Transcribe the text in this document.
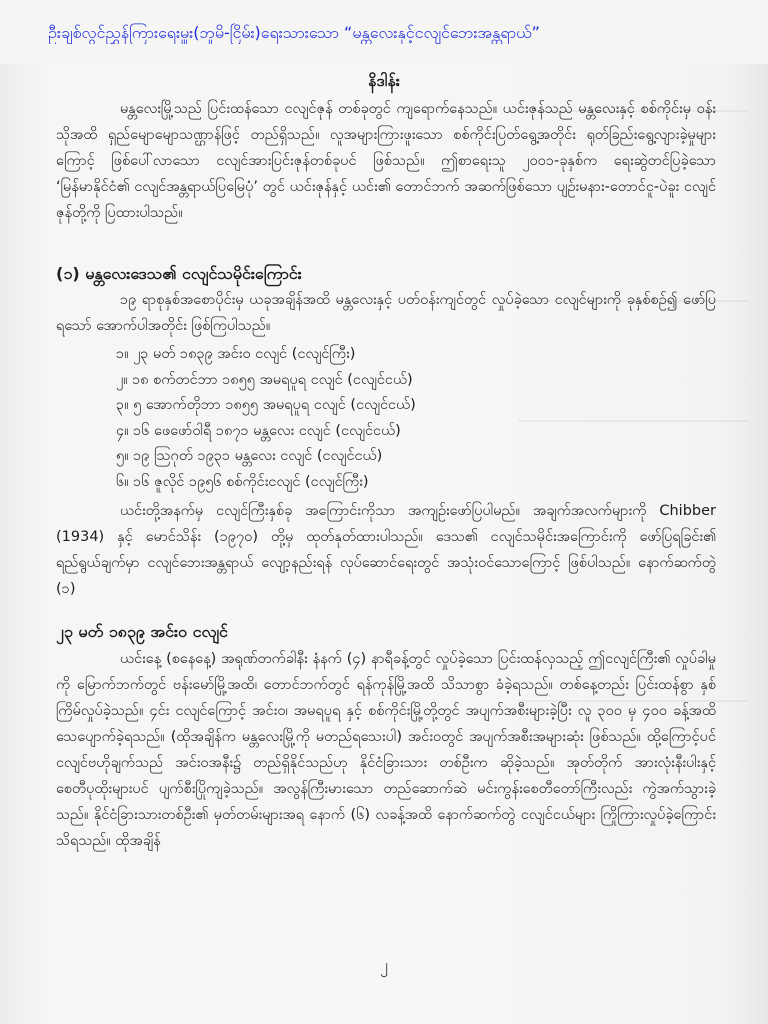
ဦးချစ်လွင်ညွှန်ကြားရေးမှူး(ဘူမိ-ငြိမ်း)ရေးသားသော “မန္တလေးနှင့်ငလျင်ဘေးအန္တရာယ်”
နိဒါန်း

မန္တလေးမြို့သည် ပြင်းထန်သော ငလျင်ဇုန် တစ်ခုတွင် ကျရောက်နေသည်။ ယင်းဇုန်သည် မန္တလေးနှင့် စစ်ကိုင်းမှ ဝန်းသိုအထိ ရှည်မျောမျောသဏ္ဌာန်ဖြင့် တည်ရှိသည်။ လူအများကြားဖူးသော စစ်ကိုင်းပြတ်ရွေ့အတိုင်း ရုတ်ခြည်းရွေ့လျားခဲ့မှုများကြောင့် ဖြစ်ပေါ်လာသော ငလျင်အားပြင်းဇုန်တစ်ခုပင် ဖြစ်သည်။ ဤစာရေးသူ ၂၀၀၁-ခုနှစ်က ရေးဆွဲတင်ပြခဲ့သော ‘မြန်မာနိုင်ငံ၏ ငလျင်အန္တရာယ်ပြမြေပုံ’ တွင် ယင်းဇုန်နှင့် ယင်း၏ တောင်ဘက် အဆက်ဖြစ်သော ပျဉ်းမနား-တောင်ငူ-ပဲခူး ငလျင်ဇုန်တို့ကို ပြထားပါသည်။

(၁) မန္တလေးဒေသ၏ ငလျင်သမိုင်းကြောင်း

၁၉ ရာစုနှစ်အစောပိုင်းမှ ယခုအချိန်အထိ မန္တလေးနှင့် ပတ်ဝန်းကျင်တွင် လှုပ်ခဲ့သော ငလျင်များကို ခုနှစ်စဉ်၍ ဖော်ပြရသော် အောက်ပါအတိုင်း ဖြစ်ကြပါသည်။

၁။ ၂၃ မတ် ၁၈၃၉ အင်းဝ ငလျင် (ငလျင်ကြီး)
၂။ ၁၈ စက်တင်ဘာ ၁၈၅၅ အမရပူရ ငလျင် (ငလျင်ငယ်)
၃။ ၅ အောက်တိုဘာ ၁၈၅၅ အမရပူရ ငလျင် (ငလျင်ငယ်)
၄။ ၁၆ ဖေဖော်ဝါရီ ၁၈၇၁ မန္တလေး ငလျင် (ငလျင်ငယ်)
၅။ ၁၉ ဩဂုတ် ၁၉၃၁ မန္တလေး ငလျင် (ငလျင်ငယ်)
၆။ ၁၆ ဇူလိုင် ၁၉၅၆ စစ်ကိုင်းငလျင် (ငလျင်ကြီး)

ယင်းတို့အနက်မှ ငလျင်ကြီးနှစ်ခု အကြောင်းကိုသာ အကျဉ်းဖော်ပြပါမည်။ အချက်အလက်များကို Chibber (1934) နှင့် မောင်သိန်း (၁၉၇၀) တို့မှ ထုတ်နုတ်ထားပါသည်။ ဒေသ၏ ငလျင်သမိုင်းအကြောင်းကို ဖော်ပြရခြင်း၏ ရည်ရွယ်ချက်မှာ ငလျင်ဘေးအန္တရာယ် လျော့နည်းရန် လုပ်ဆောင်ရေးတွင် အသုံးဝင်သောကြောင့် ဖြစ်ပါသည်။ နောက်ဆက်တွဲ (၁)

၂၃ မတ် ၁၈၃၉ အင်းဝ ငလျင်

ယင်းနေ့ (စနေနေ့) အရုဏ်တက်ခါနီး နံနက် (၄) နာရီခန့်တွင် လှုပ်ခဲ့သော ပြင်းထန်လှသည့် ဤငလျင်ကြီး၏ လှုပ်ခါမှုကို မြောက်ဘက်တွင် ဗန်းမော်မြို့အထိ၊ တောင်ဘက်တွင် ရန်ကုန်မြို့အထိ သိသာစွာ ခံခဲ့ရသည်။ တစ်နေ့တည်း ပြင်းထန်စွာ နှစ်ကြိမ်လှုပ်ခဲ့သည်။ ၄င်း ငလျင်ကြောင့် အင်းဝ၊ အမရပူရ နှင့် စစ်ကိုင်းမြို့တို့တွင် အပျက်အစီးများခဲ့ပြီး လူ ၃၀၀ မှ ၄၀၀ ခန့်အထိ သေပျောက်ခဲ့ရသည်။ (ထိုအချိန်က မန္တလေးမြို့ကို မတည်ရသေးပါ) အင်းဝတွင် အပျက်အစီးအများဆုံး ဖြစ်သည်။ ထို့ကြောင့်ပင် ငလျင်ဗဟိုချက်သည် အင်းဝအနီး၌ တည်ရှိနိုင်သည်ဟု နိုင်ငံခြားသား တစ်ဦးက ဆိုခဲ့သည်။ အုတ်တိုက် အားလုံးနီးပါးနှင့် စေတီပုထိုးများပင် ပျက်စီးပြိုကျခဲ့သည်။ အလွန်ကြီးမားသော တည်ဆောက်ဆဲ မင်းကွန်းစေတီတော်ကြီးလည်း ကွဲအက်သွားခဲ့သည်။ နိုင်ငံခြားသားတစ်ဦး၏ မှတ်တမ်းများအရ နောက် (၆) လခန့်အထိ နောက်ဆက်တွဲ ငလျင်ငယ်များ ကြိုကြားလှုပ်ခဲ့ကြောင်း သိရသည်။ ထိုအချိန်

၂
